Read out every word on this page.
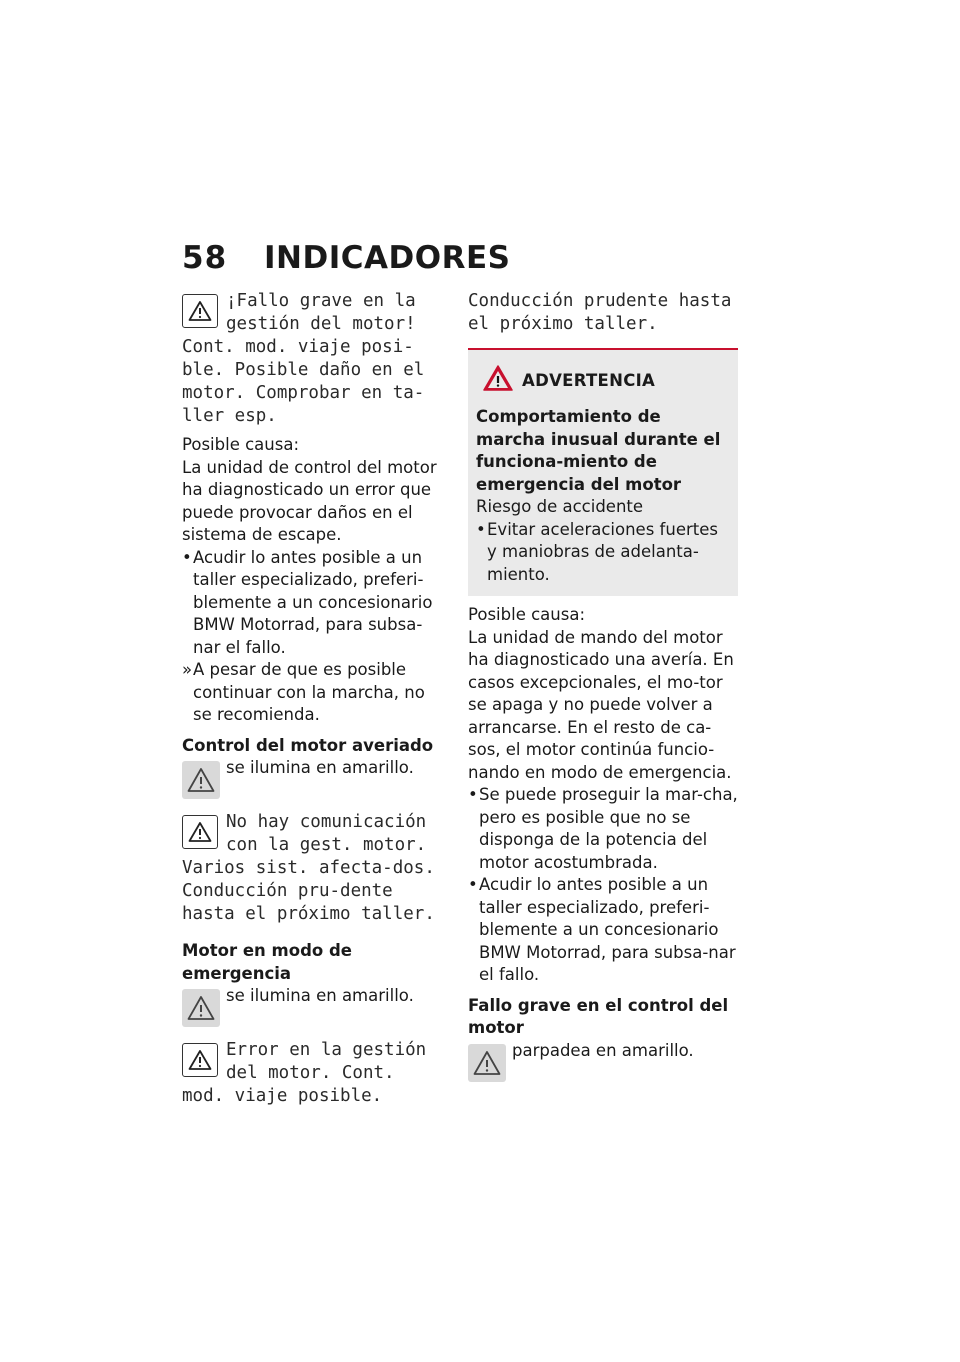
58 INDICADORES

¡Fallo grave en la gestión del motor! Cont. mod. viaje posi-ble. Posible daño en el motor. Comprobar en ta-ller esp.

Posible causa:

La unidad de control del motor ha diagnosticado un error que puede provocar daños en el sistema de escape.

• Acudir lo antes posible a un taller especializado, preferi-blemente a un concesionario BMW Motorrad, para subsa-nar el fallo.
» A pesar de que es posible continuar con la marcha, no se recomienda.

Control del motor averiado

se ilumina en amarillo.

No hay comunicación con la gest. motor. Varios sist. afecta-dos. Conducción pru-dente hasta el próximo taller.

Motor en modo de emergencia

se ilumina en amarillo.

Error en la gestión del motor. Cont. mod. viaje posible.

Conducción prudente hasta el próximo taller.

ADVERTENCIA

Comportamiento de marcha inusual durante el funciona-miento de emergencia del motor

Riesgo de accidente

• Evitar aceleraciones fuertes y maniobras de adelanta-miento.

Posible causa:

La unidad de mando del motor ha diagnosticado una avería. En casos excepcionales, el mo-tor se apaga y no puede volver a arrancarse. En el resto de ca-sos, el motor continúa funcio-nando en modo de emergencia.

• Se puede proseguir la mar-cha, pero es posible que no se disponga de la potencia del motor acostumbrada.
• Acudir lo antes posible a un taller especializado, preferi-blemente a un concesionario BMW Motorrad, para subsa-nar el fallo.

Fallo grave en el control del motor

parpadea en amarillo.
